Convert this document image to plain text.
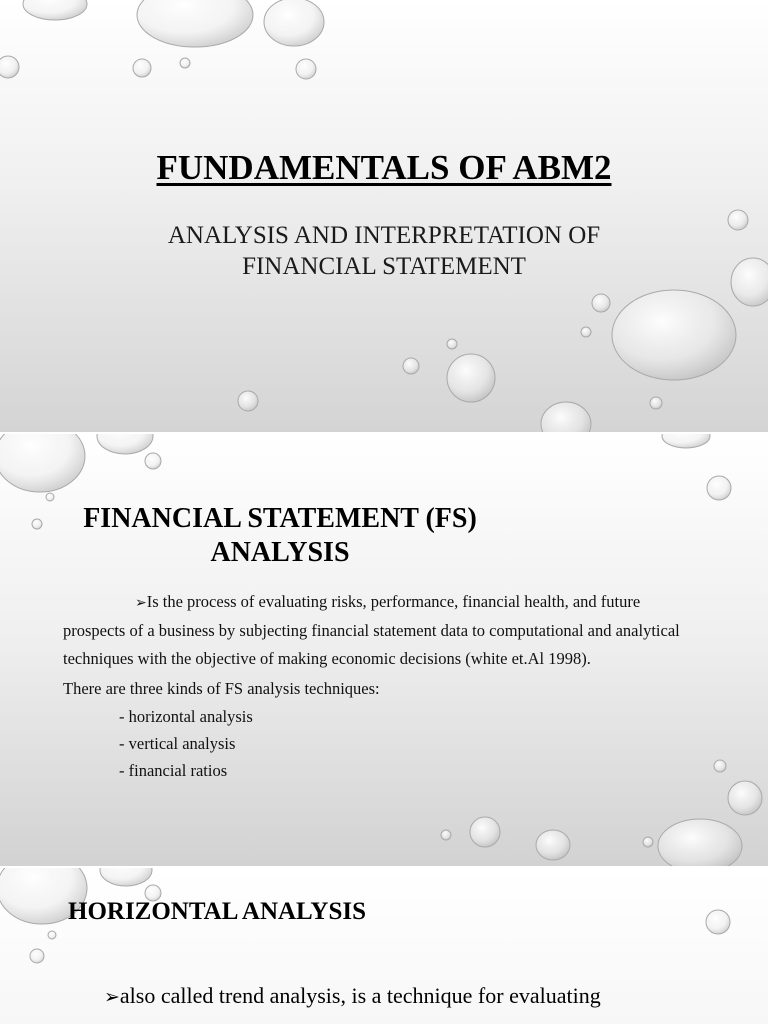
FUNDAMENTALS OF ABM2
ANALYSIS AND INTERPRETATION OF FINANCIAL STATEMENT
FINANCIAL STATEMENT (FS) ANALYSIS

➢Is the process of evaluating risks, performance, financial health, and future prospects of a business by subjecting financial statement data to computational and analytical techniques with the objective of making economic decisions (white et.Al 1998).

There are three kinds of FS analysis techniques:

- horizontal analysis

- vertical analysis

- financial ratios

HORIZONTAL ANALYSIS
➢also called trend analysis, is a technique for evaluating
